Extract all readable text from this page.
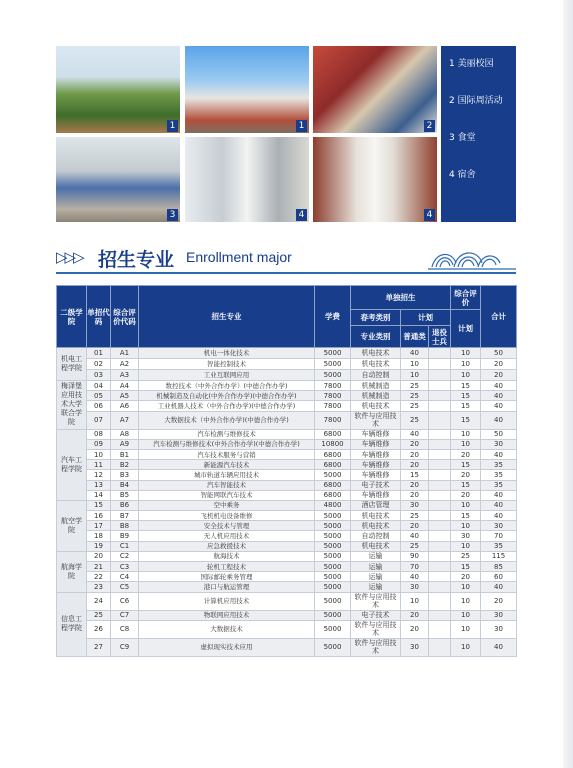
1	1	2
3	4	4
1 美丽校园
2 国际周活动
3 食堂
4 宿舍
▷▷▷ 招生专业 Enrollment major
二级学院	单招代码	综合评价代码	招生专业	学费	单独招生			综合评价	合计
					春考类别	计划		计划	
					专业类别	普通类	退役士兵		
机电工程学院	01	A1	机电一体化技术	5000	机电技术	40		10	50
	02	A2	智能控制技术	5000	机电技术	10		10	20
	03	A3	工业互联网应用	5000	自动控制	10		10	20
梅泽堡应用技术大学联合学院	04	A4	数控技术（中外合作办学）(中德合作办学)	7800	机械制造	25		15	40
	05	A5	机械制造及自动化(中外合作办学)(中德合作办学)	7800	机械制造	25		15	40
	06	A6	工业机器人技术（中外合作办学)(中德合作办学)	7800	机电技术	25		15	40
	07	A7	大数据技术（中外合作办学)(中德合作办学)	7800	软件与应用技术	25		15	40
汽车工程学院	08	A8	汽车检测与维修技术	6800	车辆维修	40		10	50
	09	A9	汽车检测与维修技术(中外合作办学)(中德合作办学)	10800	车辆维修	20		10	30
	10	B1	汽车技术服务与营销	6800	车辆维修	20		20	40
	11	B2	新能源汽车技术	6800	车辆维修	20		15	35
	12	B3	城市轨道车辆应用技术	5000	车辆维修	15		20	35
	13	B4	汽车智能技术	6800	电子技术	20		15	35
	14	B5	智能网联汽车技术	6800	车辆维修	20		20	40
航空学院	15	B6	空中乘务	4800	酒店管理	30		10	40
	16	B7	飞机机电设备维修	5000	机电技术	25		15	40
	17	B8	安全技术与管理	5000	机电技术	20		10	30
	18	B9	无人机应用技术	5000	自动控制	40		30	70
	19	C1	应急救援技术	5000	机电技术	25		10	35
航海学院	20	C2	航海技术	5000	运输	90		25	115
	21	C3	轮机工程技术	5000	运输	70		15	85
	22	C4	国际邮轮乘务管理	5000	运输	40		20	60
	23	C5	港口与航运管理	5000	运输	30		10	40
信息工程学院	24	C6	计算机应用技术	5000	软件与应用技术	10		10	20
	25	C7	物联网应用技术	5000	电子技术	20		10	30
	26	C8	大数据技术	5000	软件与应用技术	20		10	30
	27	C9	虚拟现实技术应用	5000	软件与应用技术	30		10	40
